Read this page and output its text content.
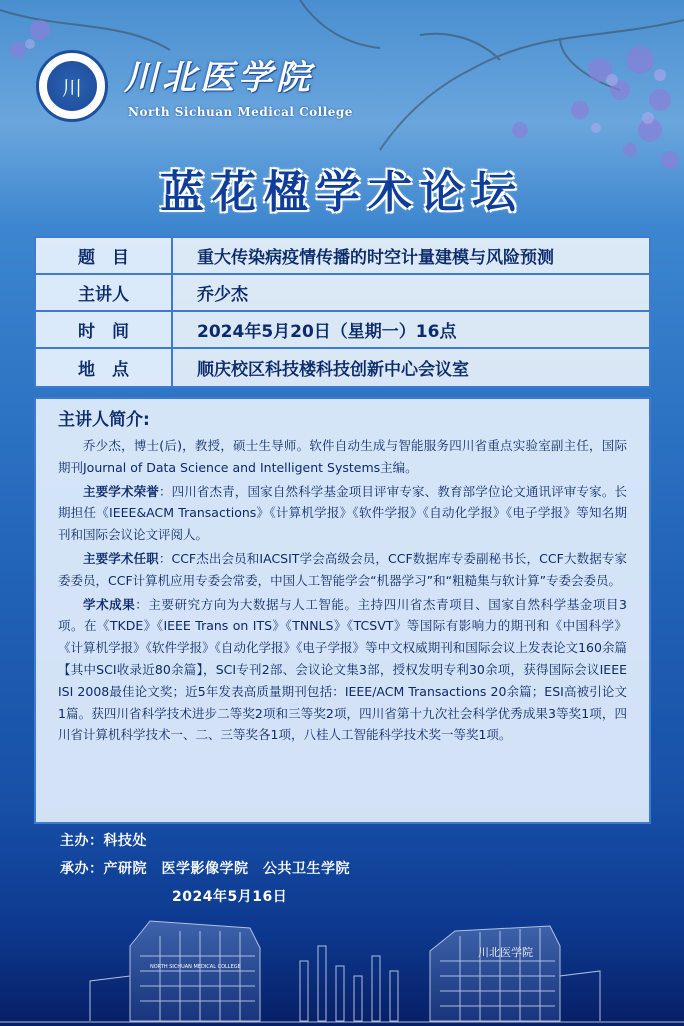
川 川北医学院
North Sichuan Medical College
蓝花楹学术论坛
题　目	重大传染病疫情传播的时空计量建模与风险预测
主讲人	乔少杰
时　间	2024年5月20日（星期一）16点
地　点	顺庆校区科技楼科技创新中心会议室
主讲人简介:

乔少杰，博士(后)，教授，硕士生导师。软件自动生成与智能服务四川省重点实验室副主任，国际期刊Journal of Data Science and Intelligent Systems主编。

主要学术荣誉：四川省杰青，国家自然科学基金项目评审专家、教育部学位论文通讯评审专家。长期担任《IEEE&ACM Transactions》《计算机学报》《软件学报》《自动化学报》《电子学报》等知名期刊和国际会议论文评阅人。

主要学术任职：CCF杰出会员和IACSIT学会高级会员，CCF数据库专委副秘书长，CCF大数据专家委委员，CCF计算机应用专委会常委，中国人工智能学会“机器学习”和“粗糙集与软计算”专委会委员。

学术成果：主要研究方向为大数据与人工智能。主持四川省杰青项目、国家自然科学基金项目3项。在《TKDE》《IEEE Trans on ITS》《TNNLS》《TCSVT》等国际有影响力的期刊和《中国科学》《计算机学报》《软件学报》《自动化学报》《电子学报》等中文权威期刊和国际会议上发表论文160余篇【其中SCI收录近80余篇】，SCI专刊2部、会议论文集3部，授权发明专利30余项，获得国际会议IEEE ISI 2008最佳论文奖；近5年发表高质量期刊包括：IEEE/ACM Transactions 20余篇；ESI高被引论文1篇。获四川省科学技术进步二等奖2项和三等奖2项，四川省第十九次社会科学优秀成果3等奖1项，四川省计算机科学技术一、二、三等奖各1项，八桂人工智能科学技术奖一等奖1项。

主办：科技处
承办：产研院　医学影像学院　公共卫生学院
2024年5月16日
NORTH SICHUAN MEDICAL COLLEGE
川北医学院
